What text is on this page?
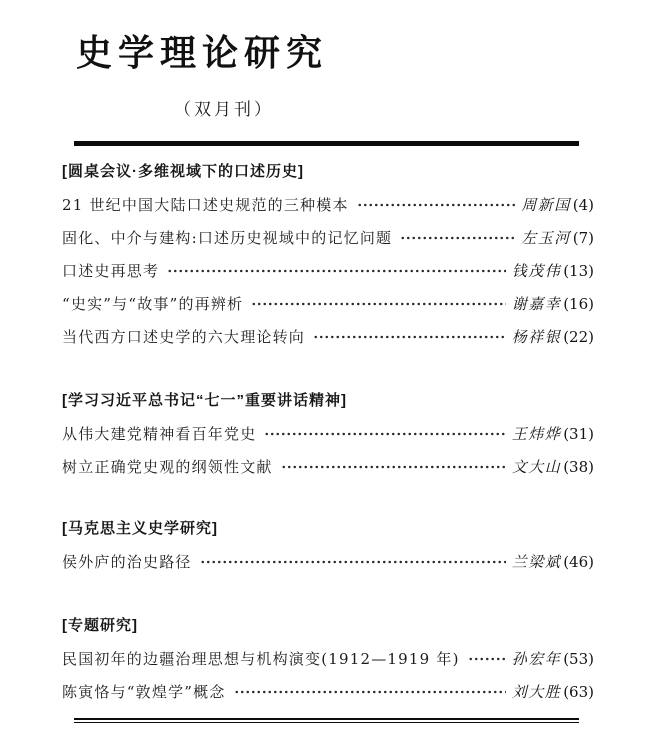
史学理论研究
（双月刊）
[圆桌会议·多维视域下的口述历史]
21 世纪中国大陆口述史规范的三种模本	周新国 (4)
固化、中介与建构:口述历史视域中的记忆问题	左玉河 (7)
口述史再思考	钱茂伟 (13)
“史实”与“故事”的再辨析	谢嘉幸 (16)
当代西方口述史学的六大理论转向	杨祥银 (22)
[学习习近平总书记“七一”重要讲话精神]
从伟大建党精神看百年党史	王炜烨 (31)
树立正确党史观的纲领性文献	文大山 (38)
[马克思主义史学研究]
侯外庐的治史路径	兰梁斌 (46)
[专题研究]
民国初年的边疆治理思想与机构演变(1912—1919 年)	孙宏年 (53)
陈寅恪与“敦煌学”概念	刘大胜 (63)
